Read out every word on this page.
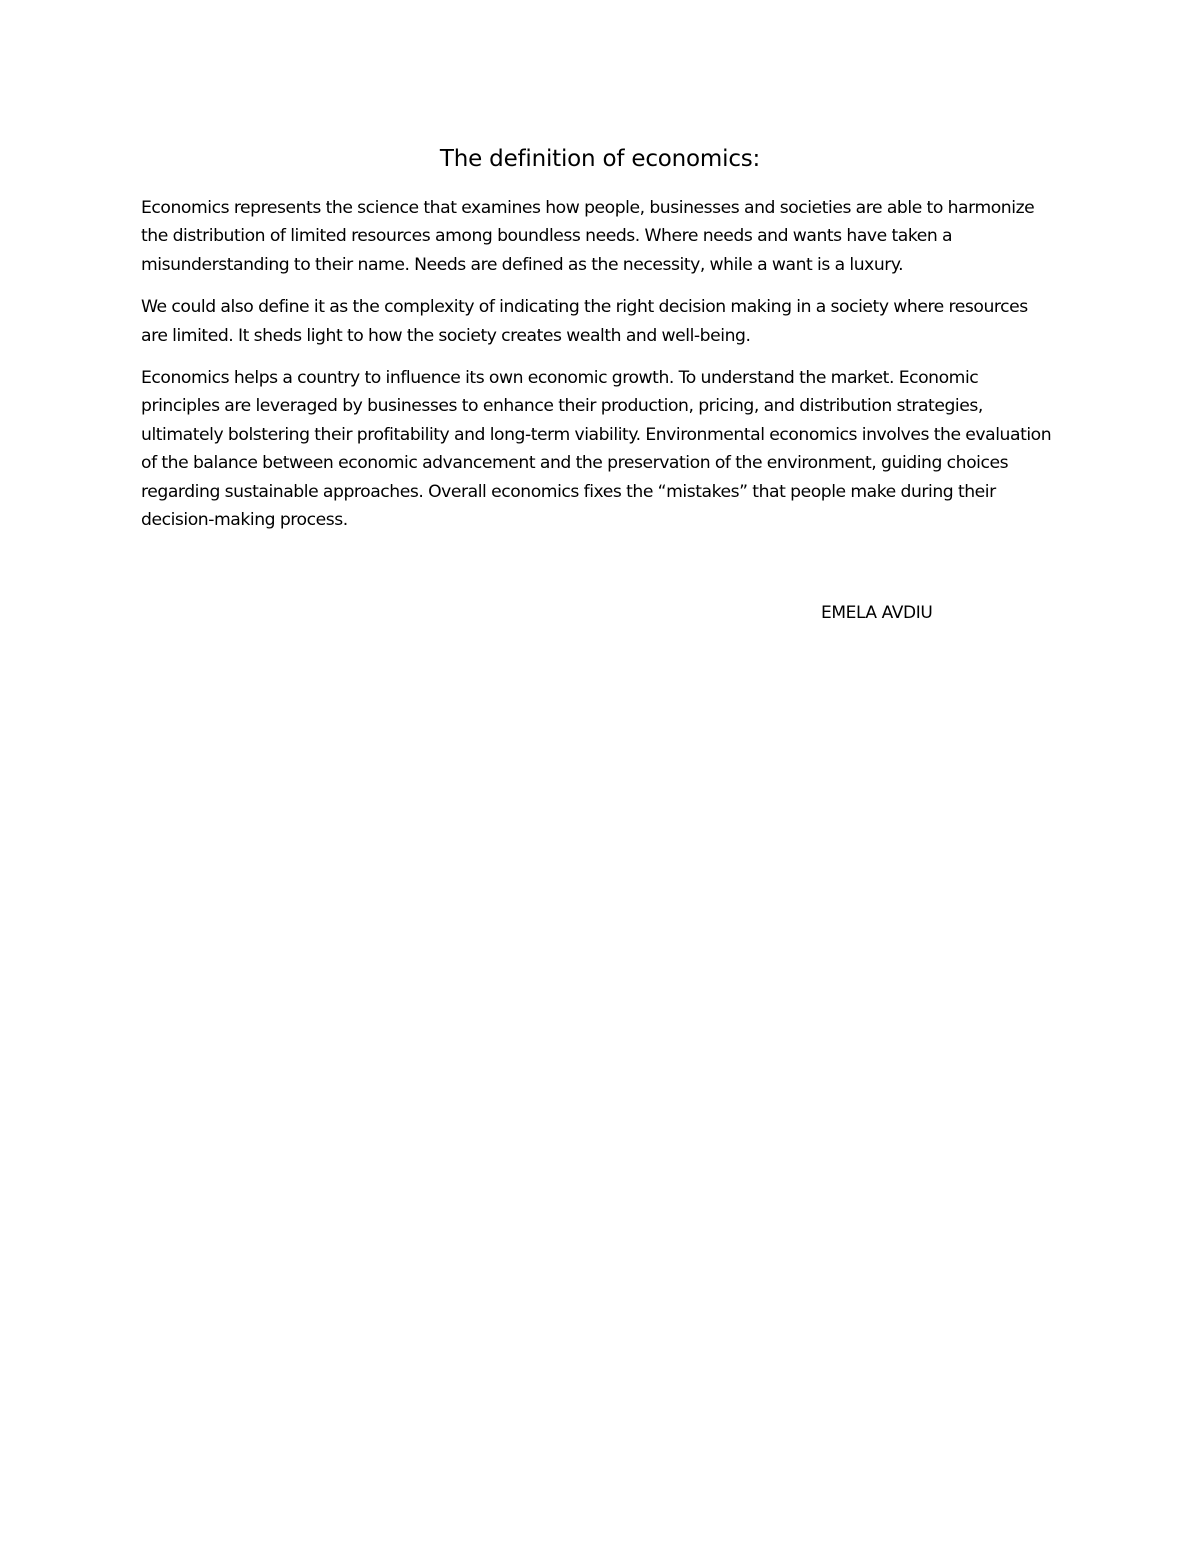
The definition of economics:

Economics represents the science that examines how people, businesses and societies are able to harmonize the distribution of limited resources among boundless needs. Where needs and wants have taken a misunderstanding to their name. Needs are defined as the necessity, while a want is a luxury.

We could also define it as the complexity of indicating the right decision making in a society where resources are limited. It sheds light to how the society creates wealth and well-being.

Economics helps a country to influence its own economic growth. To understand the market. Economic principles are leveraged by businesses to enhance their production, pricing, and distribution strategies, ultimately bolstering their profitability and long-term viability. Environmental economics involves the evaluation of the balance between economic advancement and the preservation of the environment, guiding choices regarding sustainable approaches. Overall economics fixes the “mistakes” that people make during their decision-making process.

EMELA AVDIU
